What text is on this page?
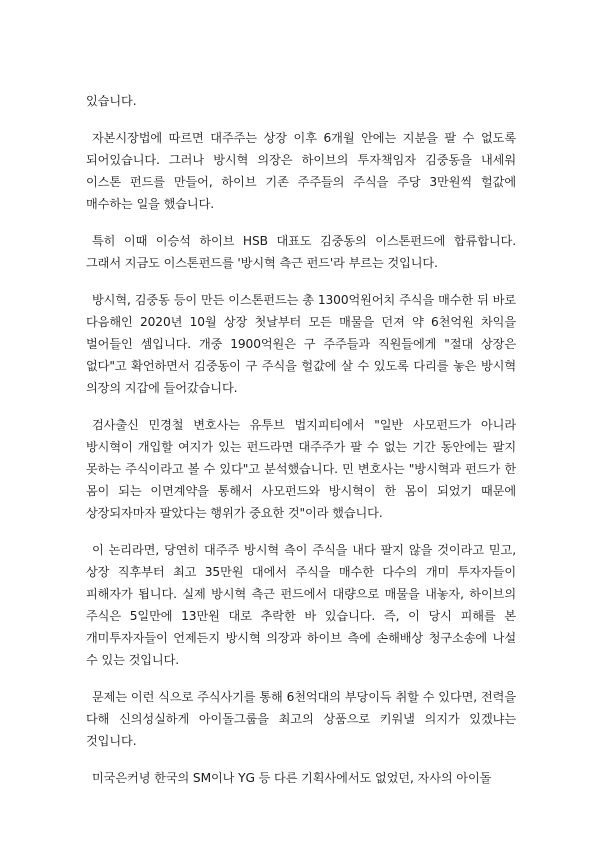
있습니다.

자본시장법에 따르면 대주주는 상장 이후 6개월 안에는 지분을 팔 수 없도록 되어있습니다. 그러나 방시혁 의장은 하이브의 투자책임자 김중동을 내세워 이스톤 펀드를 만들어, 하이브 기존 주주들의 주식을 주당 3만원씩 헐값에 매수하는 일을 했습니다.

특히 이때 이승석 하이브 HSB 대표도 김중동의 이스톤펀드에 합류합니다. 그래서 지금도 이스톤펀드를 '방시혁 측근 펀드'라 부르는 것입니다.

방시혁, 김중동 등이 만든 이스톤펀드는 총 1300억원어치 주식을 매수한 뒤 바로 다음해인 2020년 10월 상장 첫날부터 모든 매물을 던져 약 6천억원 차익을 벌어들인 셈입니다. 개중 1900억원은 구 주주들과 직원들에게 "절대 상장은 없다"고 확언하면서 김중동이 구 주식을 헐값에 살 수 있도록 다리를 놓은 방시혁 의장의 지갑에 들어갔습니다.

검사출신 민경철 변호사는 유투브 법지피티에서 "일반 사모펀드가 아니라 방시혁이 개입할 여지가 있는 펀드라면 대주주가 팔 수 없는 기간 동안에는 팔지 못하는 주식이라고 볼 수 있다"고 분석했습니다. 민 변호사는 "방시혁과 펀드가 한 몸이 되는 이면계약을 통해서 사모펀드와 방시혁이 한 몸이 되었기 때문에 상장되자마자 팔았다는 행위가 중요한 것"이라 했습니다.

이 논리라면, 당연히 대주주 방시혁 측이 주식을 내다 팔지 않을 것이라고 믿고, 상장 직후부터 최고 35만원 대에서 주식을 매수한 다수의 개미 투자자들이 피해자가 됩니다. 실제 방시혁 측근 펀드에서 대량으로 매물을 내놓자, 하이브의 주식은 5일만에 13만원 대로 추락한 바 있습니다. 즉, 이 당시 피해를 본 개미투자자들이 언제든지 방시혁 의장과 하이브 측에 손해배상 청구소송에 나설 수 있는 것입니다.

문제는 이런 식으로 주식사기를 통해 6천억대의 부당이득 취할 수 있다면, 전력을 다해 신의성실하게 아이돌그룹을 최고의 상품으로 키워낼 의지가 있겠냐는 것입니다.

미국은커녕 한국의 SM이나 YG 등 다른 기획사에서도 없었던, 자사의 아이돌
